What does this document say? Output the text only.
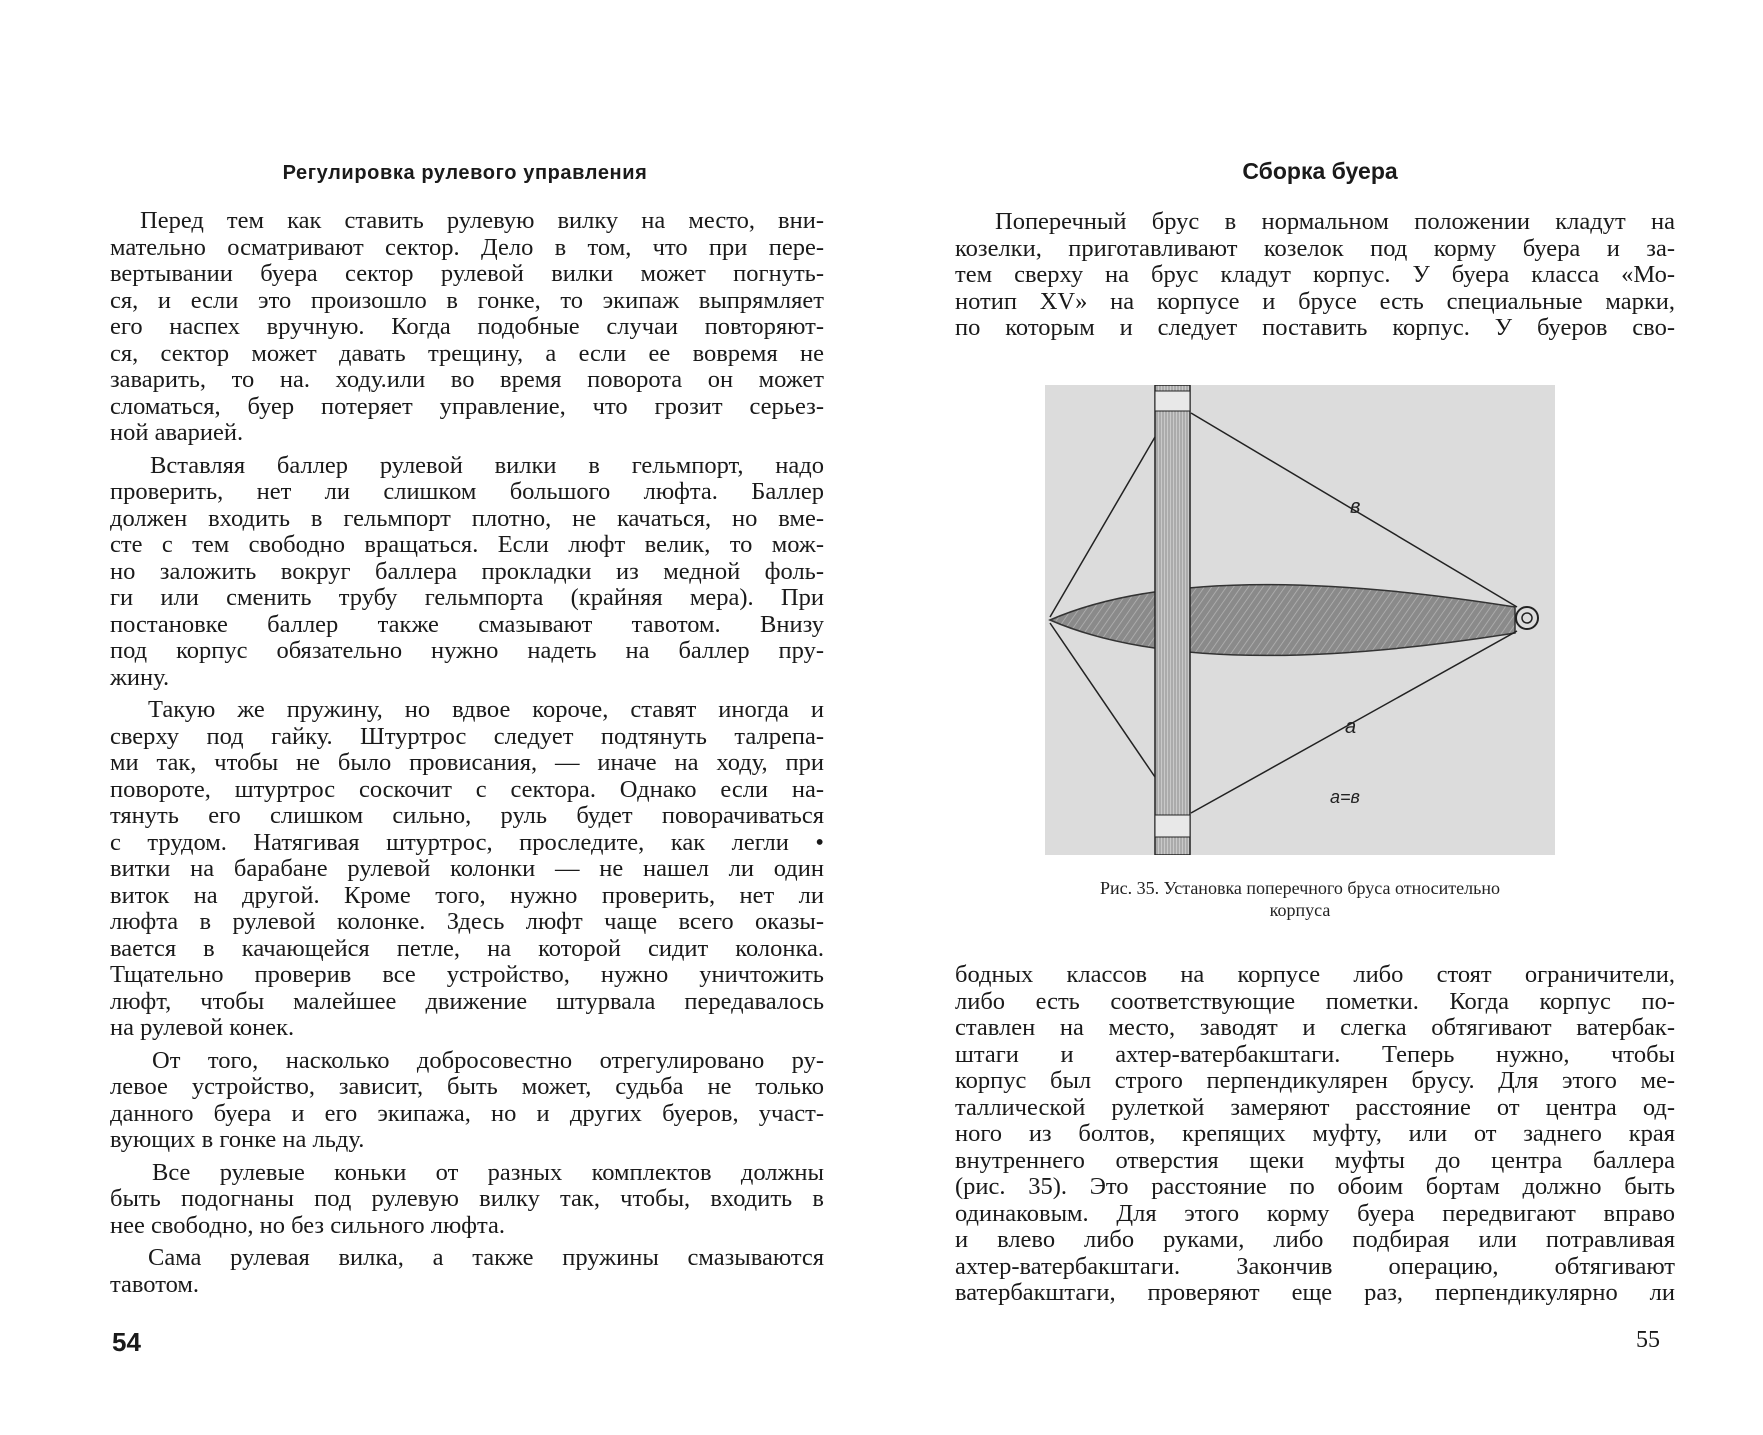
Регулировка рулевого управления

Перед тем как ставить рулевую вилку на место, вни-
мательно осматривают сектор. Дело в том, что при пере-
вертывании буера сектор рулевой вилки может погнуть-
ся, и если это произошло в гонке, то экипаж выпрямляет
его наспех вручную. Когда подобные случаи повторяют-
ся, сектор может давать трещину, а если ее вовремя не
заварить, то на. ходу.или во время поворота он может
сломаться, буер потеряет управление, что грозит серьез-
ной аварией.

Вставляя баллер рулевой вилки в гельмпорт, надо
проверить, нет ли слишком большого люфта. Баллер
должен входить в гельмпорт плотно, не качаться, но вме-
сте с тем свободно вращаться. Если люфт велик, то мож-
но заложить вокруг баллера прокладки из медной фоль-
ги или сменить трубу гельмпорта (крайняя мера). При
постановке баллер также смазывают тавотом. Внизу
под корпус обязательно нужно надеть на баллер пру-
жину.

Такую же пружину, но вдвое короче, ставят иногда и
сверху под гайку. Штуртрос следует подтянуть талрепа-
ми так, чтобы не было провисания, — иначе на ходу, при
повороте, штуртрос соскочит с сектора. Однако если на-
тянуть его слишком сильно, руль будет поворачиваться
с трудом. Натягивая штуртрос, проследите, как легли •
витки на барабане рулевой колонки — не нашел ли один
виток на другой. Кроме того, нужно проверить, нет ли
люфта в рулевой колонке. Здесь люфт чаще всего оказы-
вается в качающейся петле, на которой сидит колонка.
Тщательно проверив все устройство, нужно уничтожить
люфт, чтобы малейшее движение штурвала передавалось
на рулевой конек.

От того, насколько добросовестно отрегулировано ру-
левое устройство, зависит, быть может, судьба не только
данного буера и его экипажа, но и других буеров, участ-
вующих в гонке на льду.

Все рулевые коньки от разных комплектов должны
быть подогнаны под рулевую вилку так, чтобы, входить в
нее свободно, но без сильного люфта.

Сама рулевая вилка, а также пружины смазываются
тавотом.

54
Сборка буера

Поперечный брус в нормальном положении кладут на
козелки, приготавливают козелок под корму буера и за-
тем сверху на брус кладут корпус. У буера класса «Мо-
нотип XV» на корпусе и брусе есть специальные марки,
по которым и следует поставить корпус. У буеров сво-

в
а
а=в
Рис. 35. Установка поперечного бруса относительно
корпуса

бодных классов на корпусе либо стоят ограничители,
либо есть соответствующие пометки. Когда корпус по-
ставлен на место, заводят и слегка обтягивают ватербак-
штаги и ахтер-ватербакштаги. Теперь нужно, чтобы
корпус был строго перпендикулярен брусу. Для этого ме-
таллической рулеткой замеряют расстояние от центра од-
ного из болтов, крепящих муфту, или от заднего края
внутреннего отверстия щеки муфты до центра баллера
(рис. 35). Это расстояние по обоим бортам должно быть
одинаковым. Для этого корму буера передвигают вправо
и влево либо руками, либо подбирая или потравливая
ахтер-ватербакштаги. Закончив операцию, обтягивают
ватербакштаги, проверяют еще раз, перпендикулярно ли

55
